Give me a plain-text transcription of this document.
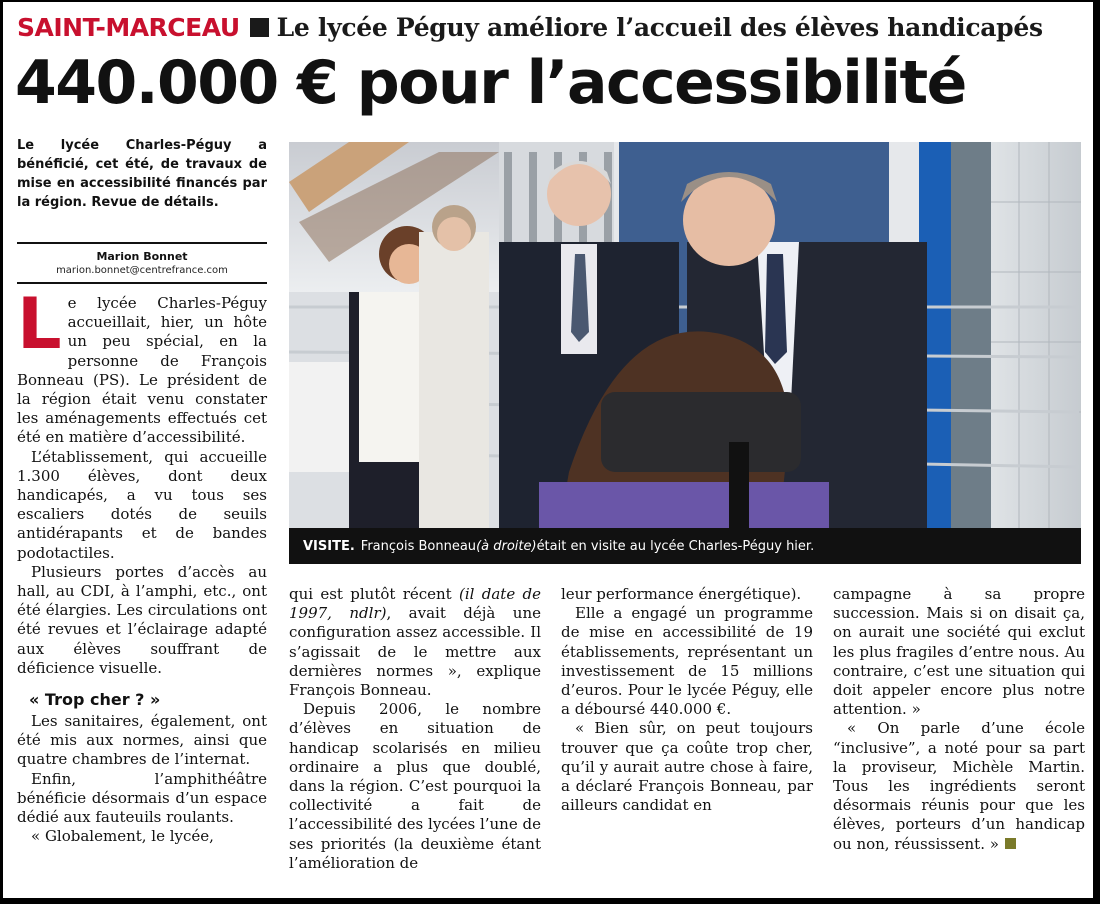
SAINT-MARCEAU Le lycée Péguy améliore l’accueil des élèves handicapés
440.000 € pour l’accessibilité

Le lycée Charles-Péguy a bénéficié, cet été, de travaux de mise en accessibilité financés par la région. Revue de détails.

Marion Bonnet
marion.bonnet@centrefrance.com

Le lycée Charles-Péguy accueillait, hier, un hôte un peu spécial, en la personne de François Bonneau (PS). Le président de la région était venu constater les aménagements effectués cet été en matière d’accessibilité.

L’établissement, qui accueille 1.300 élèves, dont deux handicapés, a vu tous ses escaliers dotés de seuils antidérapants et de bandes podotactiles.

Plusieurs portes d’accès au hall, au CDI, à l’amphi, etc., ont été élargies. Les circulations ont été revues et l’éclairage adapté aux élèves souffrant de déficience visuelle.

« Trop cher ? »

Les sanitaires, également, ont été mis aux normes, ainsi que quatre chambres de l’internat.

Enfin, l’amphithéâtre bénéficie désormais d’un espace dédié aux fauteuils roulants.

« Globalement, le lycée,

VISITE. François Bonneau (à droite) était en visite au lycée Charles-Péguy hier.

qui est plutôt récent (il date de 1997, ndlr), avait déjà une configuration assez accessible. Il s’agissait de le mettre aux dernières normes », explique François Bonneau.

Depuis 2006, le nombre d’élèves en situation de handicap scolarisés en milieu ordinaire a plus que doublé, dans la région. C’est pourquoi la collectivité a fait de l’accessibilité des lycées l’une de ses priorités (la deuxième étant l’amélioration de

leur performance énergétique).

Elle a engagé un programme de mise en accessibilité de 19 établissements, représentant un investissement de 15 millions d’euros. Pour le lycée Péguy, elle a déboursé 440.000 €.

« Bien sûr, on peut toujours trouver que ça coûte trop cher, qu’il y aurait autre chose à faire, a déclaré François Bonneau, par ailleurs candidat en

campagne à sa propre succession. Mais si on disait ça, on aurait une société qui exclut les plus fragiles d’entre nous. Au contraire, c’est une situation qui doit appeler encore plus notre attention. »

« On parle d’une école “inclusive”, a noté pour sa part la proviseur, Michèle Martin. Tous les ingrédients seront désormais réunis pour que les élèves, porteurs d’un handicap ou non, réussissent. »
